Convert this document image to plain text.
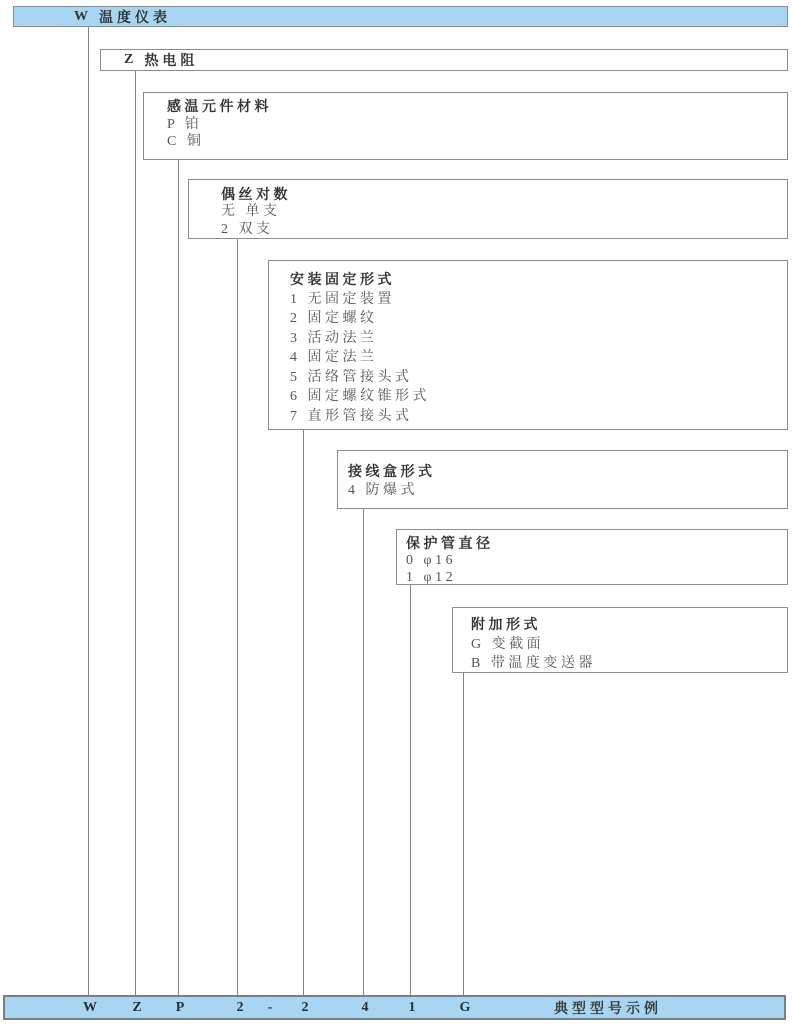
W 温度仪表
Z 热电阻
感温元件材料
P 铂
C 铜
偶丝对数
无 单支
2 双支
安装固定形式
1 无固定装置
2 固定螺纹
3 活动法兰
4 固定法兰
5 活络管接头式
6 固定螺纹锥形式
7 直形管接头式
接线盒形式
4 防爆式
保护管直径
0 φ16
1 φ12
附加形式
G 变截面
B 带温度变送器
W	Z P	2 - 2	4	1	G	典型型号示例
